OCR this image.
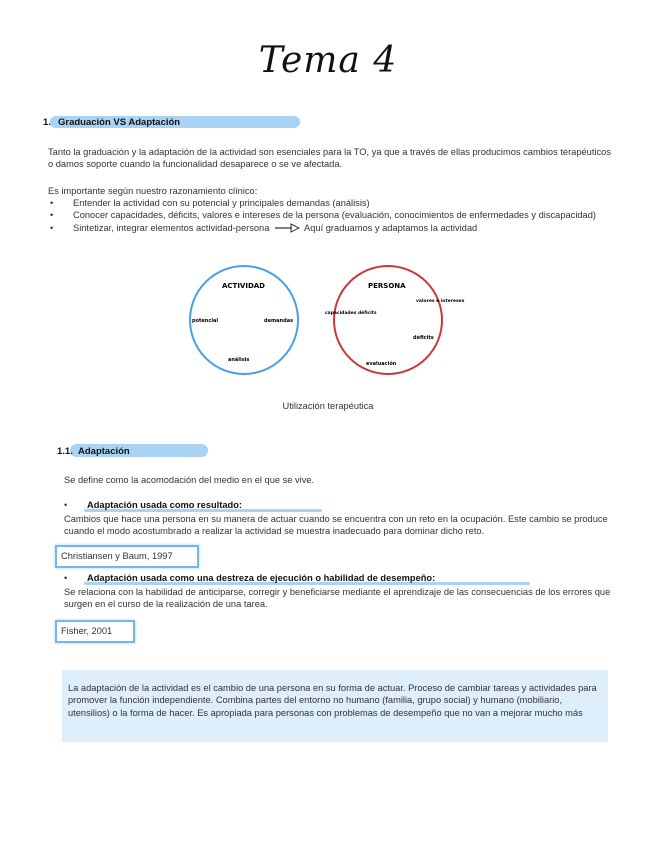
Tema 4
1. Graduación VS Adaptación
Tanto la graduación y la adaptación de la actividad son esenciales para la TO, ya que a través de ellas producimos cambios terapéuticos o damos soporte cuando la funcionalidad desaparece o se ve afectada.
Es importante según nuestro razonamiento clínico:
• Entender la actividad con su potencial y principales demandas (análisis)
• Conocer capacidades, déficits, valores e intereses de la persona (evaluación, conocimientos de enfermedades y discapacidad)
• Sintetizar, integrar elementos actividad-persona	Aquí graduamos y adaptamos la actividad
ACTIVIDAD
potencial	demandas
análisis
PERSONA
valores e intereses
capacidades déficits
déficits
evaluación
Utilización terapéutica
1.1. Adaptación
Se define como la acomodación del medio en el que se vive.
• Adaptación usada como resultado:
Cambios que hace una persona en su manera de actuar cuando se encuentra con un reto en la ocupación. Este cambio se produce cuando el modo acostumbrado a realizar la actividad se muestra inadecuado para dominar dicho reto.
Christiansen y Baum, 1997
• Adaptación usada como una destreza de ejecución o habilidad de desempeño:
Se relaciona con la habilidad de anticiparse, corregir y beneficiarse mediante el aprendizaje de las consecuencias de los errores que surgen en el curso de la realización de una tarea.
Fisher, 2001
La adaptación de la actividad es el cambio de una persona en su forma de actuar. Proceso de cambiar tareas y actividades para promover la función independiente. Combina partes del entorno no humano (familia, grupo social) y humano (mobiliario, utensilios) o la forma de hacer. Es apropiada para personas con problemas de desempeño que no van a mejorar mucho más
